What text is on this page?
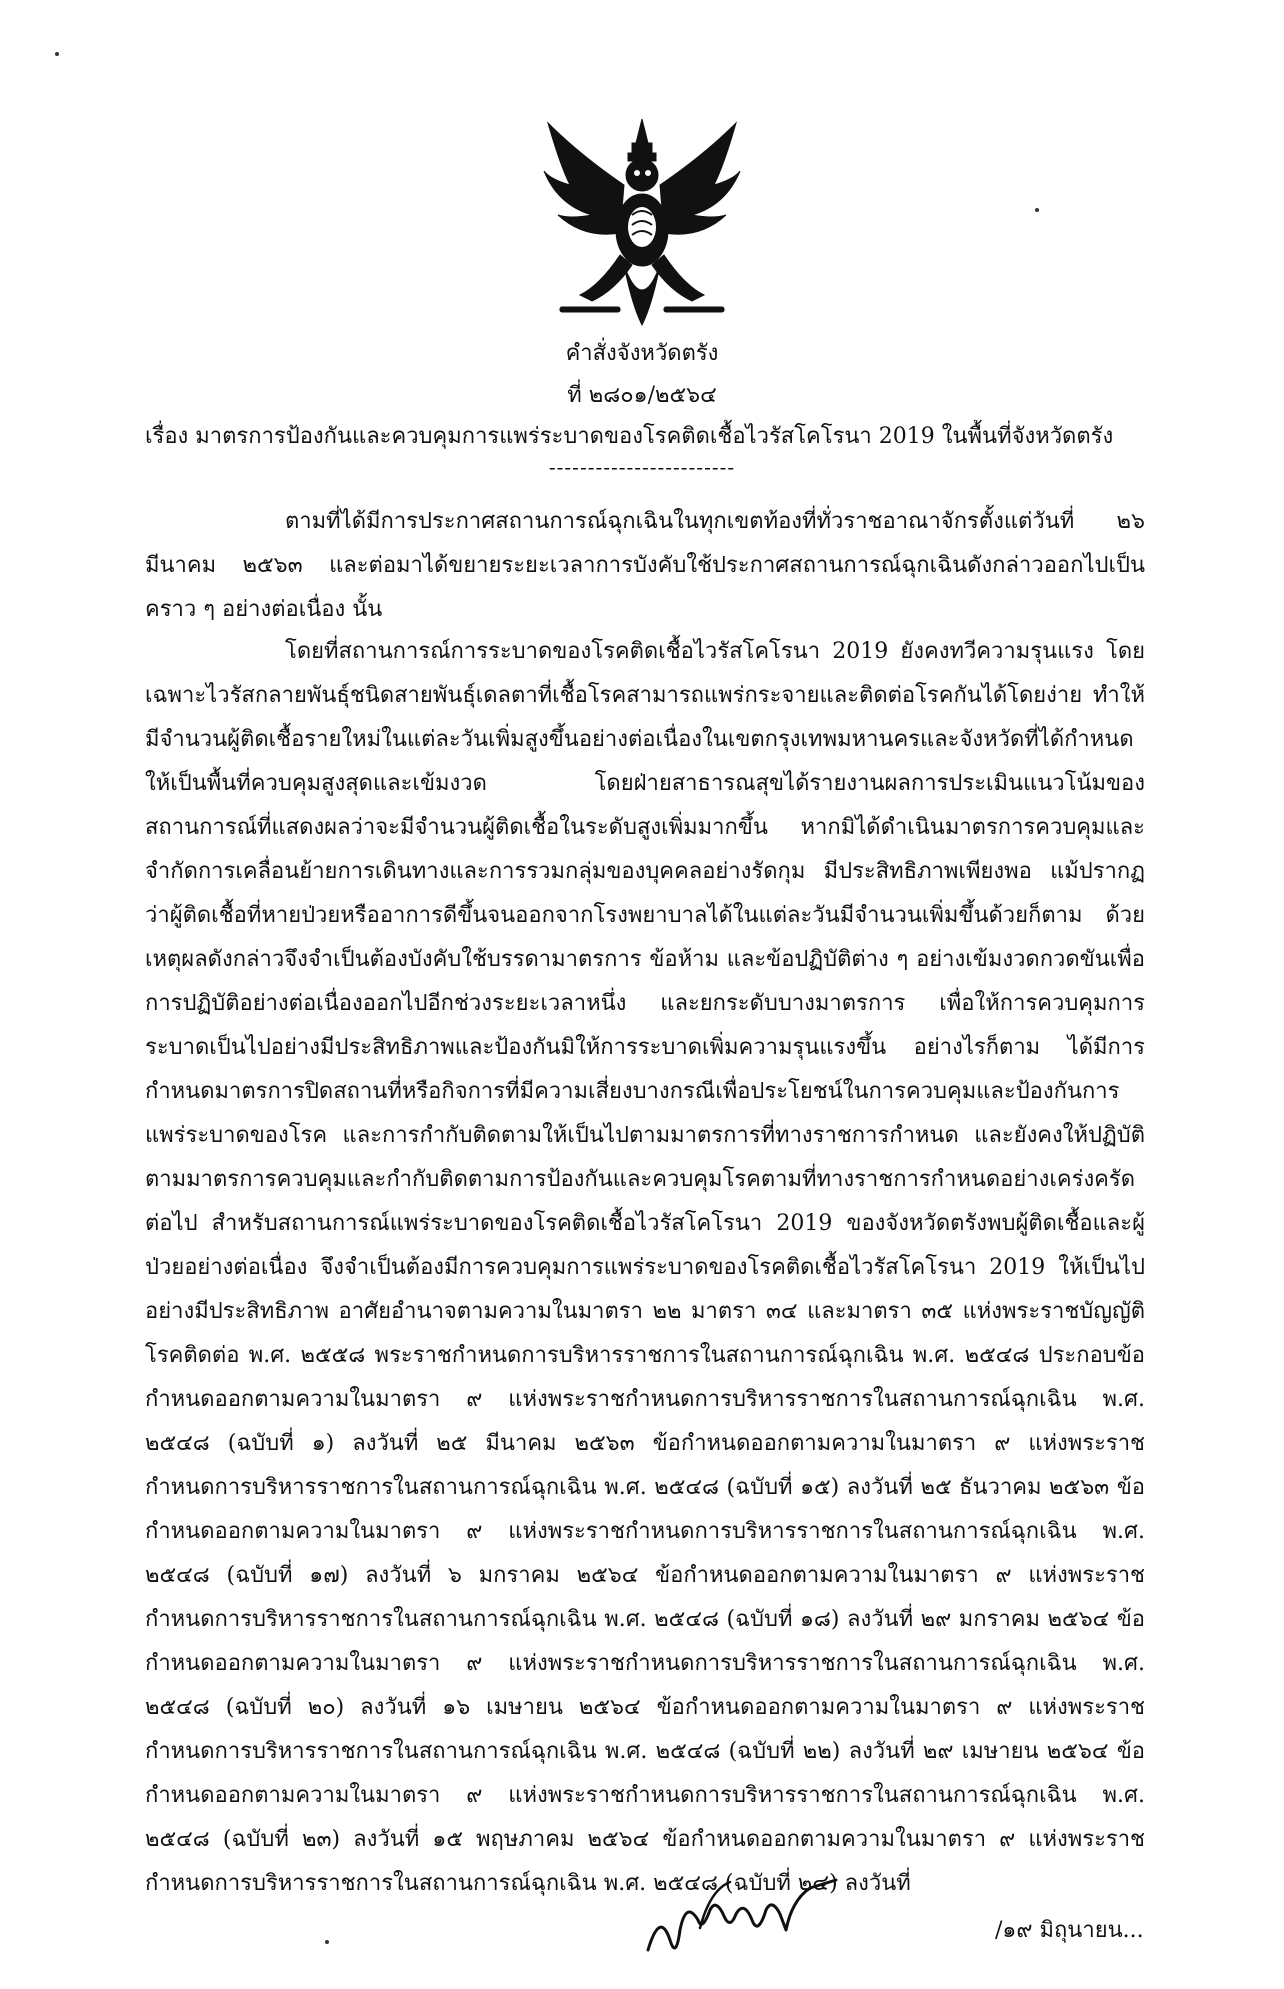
คำสั่งจังหวัดตรัง
ที่ ๒๘๐๑/๒๕๖๔
เรื่อง มาตรการป้องกันและควบคุมการแพร่ระบาดของโรคติดเชื้อไวรัสโคโรนา 2019 ในพื้นที่จังหวัดตรัง
------------------------

ตามที่ได้มีการประกาศสถานการณ์ฉุกเฉินในทุกเขตท้องที่ทั่วราชอาณาจักรตั้งแต่วันที่ ๒๖ มีนาคม ๒๕๖๓ และต่อมาได้ขยายระยะเวลาการบังคับใช้ประกาศสถานการณ์ฉุกเฉินดังกล่าวออกไปเป็นคราว ๆ อย่างต่อเนื่อง นั้น

โดยที่สถานการณ์การระบาดของโรคติดเชื้อไวรัสโคโรนา 2019 ยังคงทวีความรุนแรง โดยเฉพาะไวรัสกลายพันธุ์ชนิดสายพันธุ์เดลตาที่เชื้อโรคสามารถแพร่กระจายและติดต่อโรคกันได้โดยง่าย ทำให้มีจำนวนผู้ติดเชื้อรายใหม่ในแต่ละวันเพิ่มสูงขึ้นอย่างต่อเนื่องในเขตกรุงเทพมหานครและจังหวัดที่ได้กำหนดให้เป็นพื้นที่ควบคุมสูงสุดและเข้มงวด โดยฝ่ายสาธารณสุขได้รายงานผลการประเมินแนวโน้มของสถานการณ์ที่แสดงผลว่าจะมีจำนวนผู้ติดเชื้อในระดับสูงเพิ่มมากขึ้น หากมิได้ดำเนินมาตรการควบคุมและจำกัดการเคลื่อนย้ายการเดินทางและการรวมกลุ่มของบุคคลอย่างรัดกุม มีประสิทธิภาพเพียงพอ แม้ปรากฏว่าผู้ติดเชื้อที่หายป่วยหรืออาการดีขึ้นจนออกจากโรงพยาบาลได้ในแต่ละวันมีจำนวนเพิ่มขึ้นด้วยก็ตาม ด้วยเหตุผลดังกล่าวจึงจำเป็นต้องบังคับใช้บรรดามาตรการ ข้อห้าม และข้อปฏิบัติต่าง ๆ อย่างเข้มงวดกวดขันเพื่อการปฏิบัติอย่างต่อเนื่องออกไปอีกช่วงระยะเวลาหนึ่ง และยกระดับบางมาตรการ เพื่อให้การควบคุมการระบาดเป็นไปอย่างมีประสิทธิภาพและป้องกันมิให้การระบาดเพิ่มความรุนแรงขึ้น อย่างไรก็ตาม ได้มีการกำหนดมาตรการปิดสถานที่หรือกิจการที่มีความเสี่ยงบางกรณีเพื่อประโยชน์ในการควบคุมและป้องกันการแพร่ระบาดของโรค และการกำกับติดตามให้เป็นไปตามมาตรการที่ทางราชการกำหนด และยังคงให้ปฏิบัติตามมาตรการควบคุมและกำกับติดตามการป้องกันและควบคุมโรคตามที่ทางราชการกำหนดอย่างเคร่งครัดต่อไป สำหรับสถานการณ์แพร่ระบาดของโรคติดเชื้อไวรัสโคโรนา 2019 ของจังหวัดตรังพบผู้ติดเชื้อและผู้ป่วยอย่างต่อเนื่อง จึงจำเป็นต้องมีการควบคุมการแพร่ระบาดของโรคติดเชื้อไวรัสโคโรนา 2019 ให้เป็นไปอย่างมีประสิทธิภาพ อาศัยอำนาจตามความในมาตรา ๒๒ มาตรา ๓๔ และมาตรา ๓๕ แห่งพระราชบัญญัติโรคติดต่อ พ.ศ. ๒๕๕๘ พระราชกำหนดการบริหารราชการในสถานการณ์ฉุกเฉิน พ.ศ. ๒๕๔๘ ประกอบข้อกำหนดออกตามความในมาตรา ๙ แห่งพระราชกำหนดการบริหารราชการในสถานการณ์ฉุกเฉิน พ.ศ. ๒๕๔๘ (ฉบับที่ ๑) ลงวันที่ ๒๕ มีนาคม ๒๕๖๓ ข้อกำหนดออกตามความในมาตรา ๙ แห่งพระราชกำหนดการบริหารราชการในสถานการณ์ฉุกเฉิน พ.ศ. ๒๕๔๘ (ฉบับที่ ๑๕) ลงวันที่ ๒๕ ธันวาคม ๒๕๖๓ ข้อกำหนดออกตามความในมาตรา ๙ แห่งพระราชกำหนดการบริหารราชการในสถานการณ์ฉุกเฉิน พ.ศ. ๒๕๔๘ (ฉบับที่ ๑๗) ลงวันที่ ๖ มกราคม ๒๕๖๔ ข้อกำหนดออกตามความในมาตรา ๙ แห่งพระราชกำหนดการบริหารราชการในสถานการณ์ฉุกเฉิน พ.ศ. ๒๕๔๘ (ฉบับที่ ๑๘) ลงวันที่ ๒๙ มกราคม ๒๕๖๔ ข้อกำหนดออกตามความในมาตรา ๙ แห่งพระราชกำหนดการบริหารราชการในสถานการณ์ฉุกเฉิน พ.ศ. ๒๕๔๘ (ฉบับที่ ๒๐) ลงวันที่ ๑๖ เมษายน ๒๕๖๔ ข้อกำหนดออกตามความในมาตรา ๙ แห่งพระราชกำหนดการบริหารราชการในสถานการณ์ฉุกเฉิน พ.ศ. ๒๕๔๘ (ฉบับที่ ๒๒) ลงวันที่ ๒๙ เมษายน ๒๕๖๔ ข้อกำหนดออกตามความในมาตรา ๙ แห่งพระราชกำหนดการบริหารราชการในสถานการณ์ฉุกเฉิน พ.ศ. ๒๕๔๘ (ฉบับที่ ๒๓) ลงวันที่ ๑๕ พฤษภาคม ๒๕๖๔ ข้อกำหนดออกตามความในมาตรา ๙ แห่งพระราชกำหนดการบริหารราชการในสถานการณ์ฉุกเฉิน พ.ศ. ๒๕๔๘ (ฉบับที่ ๒๔) ลงวันที่

/๑๙ มิถุนายน...
